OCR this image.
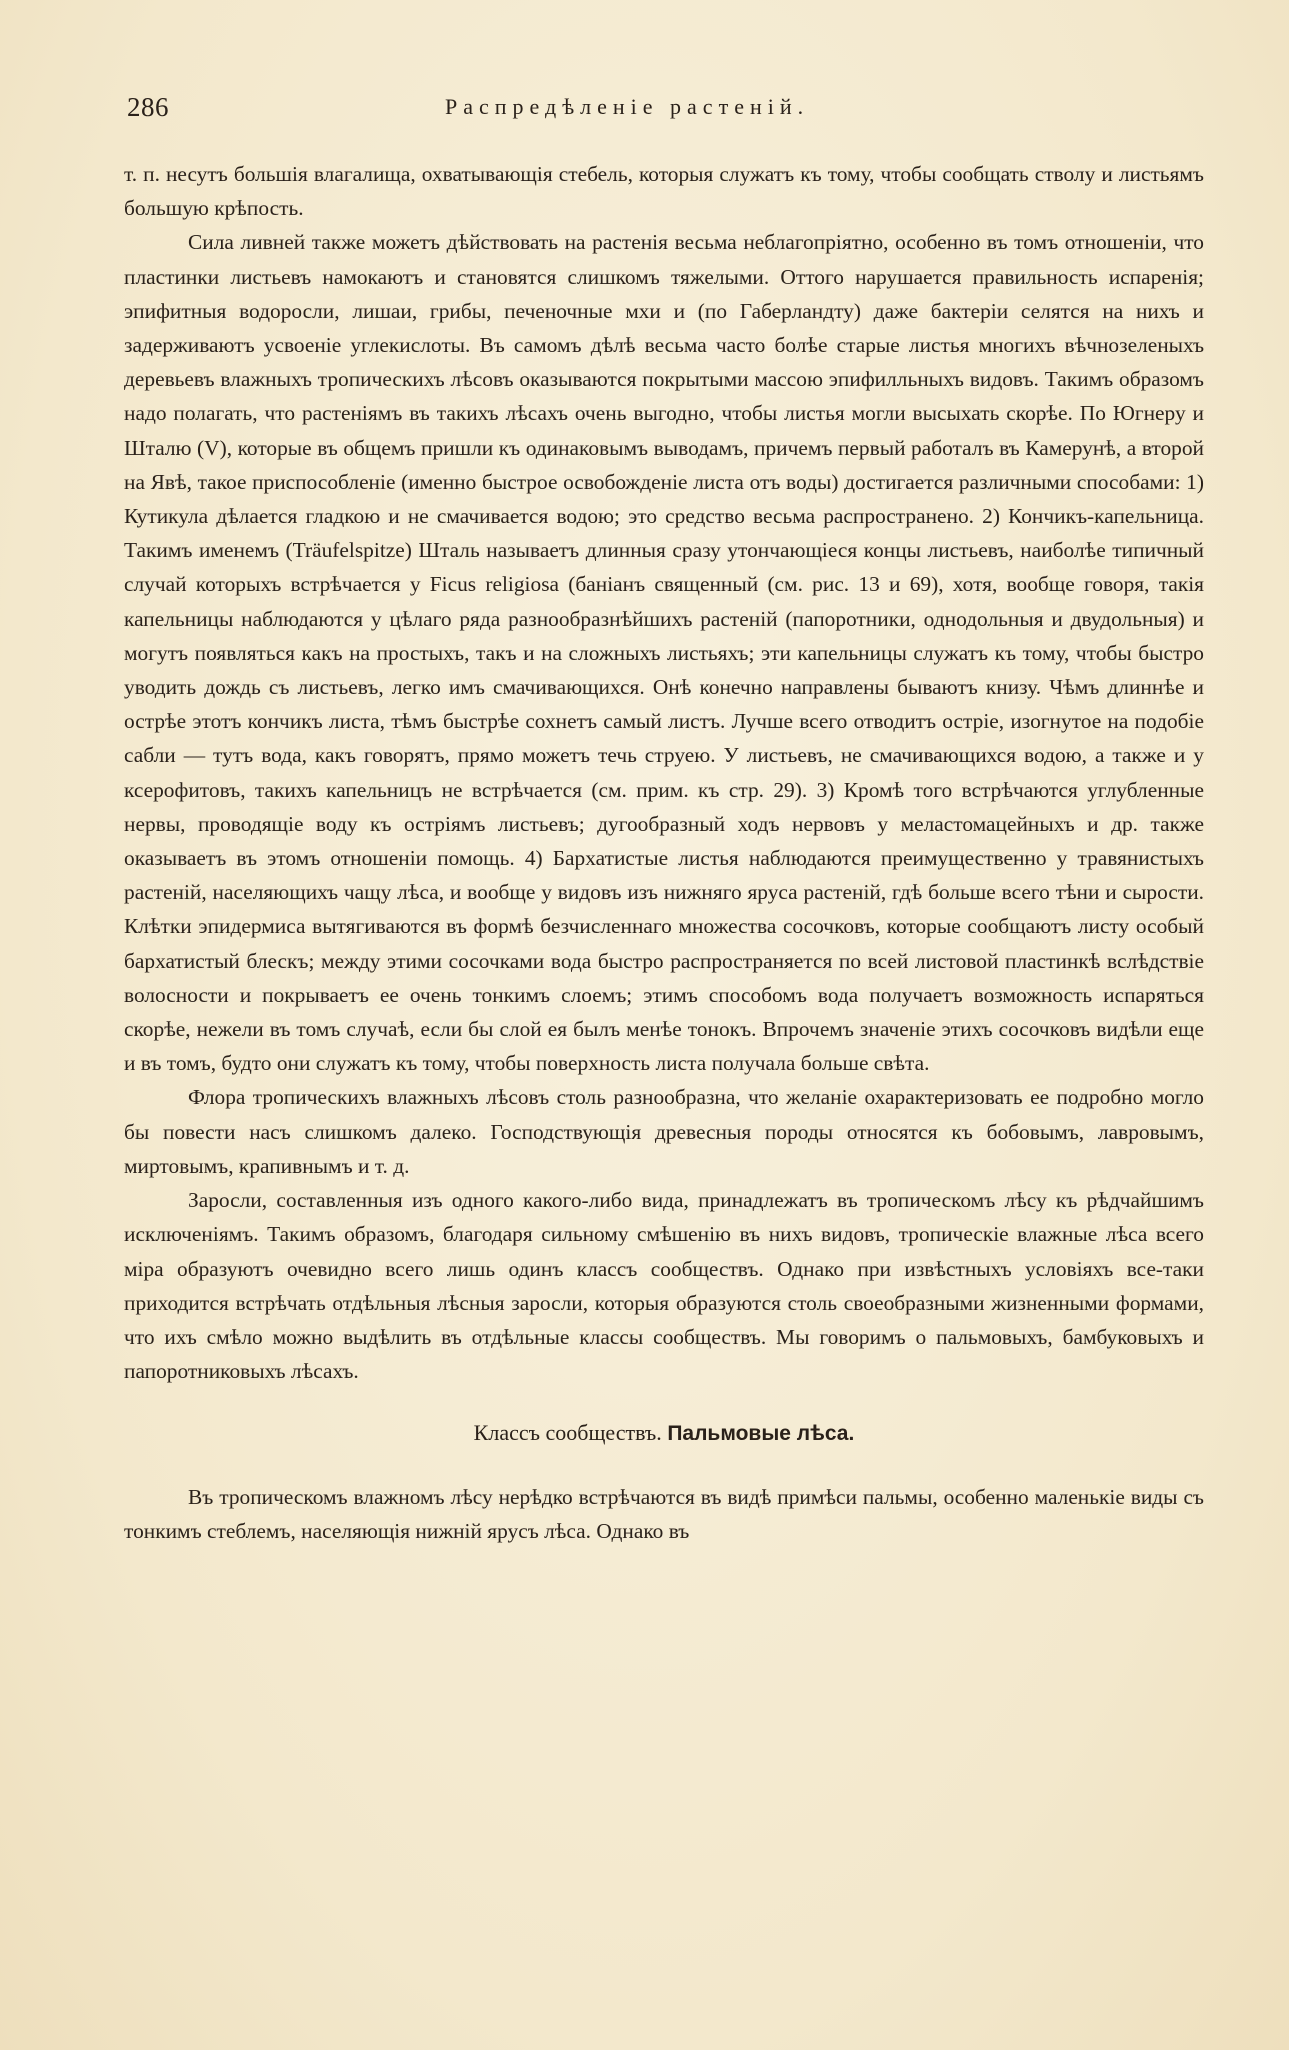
286	Распредѣленіе растеній.

т. п. несутъ большія влагалища, охватывающія стебель, которыя служатъ къ тому, чтобы сообщать стволу и листьямъ большую крѣпость.

Сила ливней также можетъ дѣйствовать на растенія весьма неблагопріятно, особенно въ томъ отношеніи, что пластинки листьевъ намокаютъ и становятся слишкомъ тяжелыми. Оттого нарушается правильность испаренія; эпифитныя водоросли, лишаи, грибы, печеночные мхи и (по Габерландту) даже бактеріи селятся на нихъ и задерживаютъ усвоеніе углекислоты. Въ самомъ дѣлѣ весьма часто болѣе старые листья многихъ вѣчнозеленыхъ деревьевъ влажныхъ тропическихъ лѣсовъ оказываются покрытыми массою эпифилльныхъ видовъ. Такимъ образомъ надо полагать, что растеніямъ въ такихъ лѣсахъ очень выгодно, чтобы листья могли высыхать скорѣе. По Югнеру и Шталю (V), которые въ общемъ пришли къ одинаковымъ выводамъ, причемъ первый работалъ въ Камерунѣ, а второй на Явѣ, такое приспособленіе (именно быстрое освобожденіе листа отъ воды) достигается различными способами: 1) Кутикула дѣлается гладкою и не смачивается водою; это средство весьма распространено. 2) Кончикъ-капельница. Такимъ именемъ (Träufelspitze) Шталь называетъ длинныя сразу утончающіеся концы листьевъ, наиболѣе типичный случай которыхъ встрѣчается у Ficus religiosa (баніанъ священный (см. рис. 13 и 69), хотя, вообще говоря, такія капельницы наблюдаются у цѣлаго ряда разнообразнѣйшихъ растеній (папоротники, однодольныя и двудольныя) и могутъ появляться какъ на простыхъ, такъ и на сложныхъ листьяхъ; эти капельницы служатъ къ тому, чтобы быстро уводить дождь съ листьевъ, легко имъ смачивающихся. Онѣ конечно направлены бываютъ книзу. Чѣмъ длиннѣе и острѣе этотъ кончикъ листа, тѣмъ быстрѣе сохнетъ самый листъ. Лучше всего отводитъ остріе, изогнутое на подобіе сабли — тутъ вода, какъ говорятъ, прямо можетъ течь струею. У листьевъ, не смачивающихся водою, а также и у ксерофитовъ, такихъ капельницъ не встрѣчается (см. прим. къ стр. 29). 3) Кромѣ того встрѣчаются углубленные нервы, проводящіе воду къ остріямъ листьевъ; дугообразный ходъ нервовъ у меластомацейныхъ и др. также оказываетъ въ этомъ отношеніи помощь. 4) Бархатистые листья наблюдаются преимущественно у травянистыхъ растеній, населяющихъ чащу лѣса, и вообще у видовъ изъ нижняго яруса растеній, гдѣ больше всего тѣни и сырости. Клѣтки эпидермиса вытягиваются въ формѣ безчисленнаго множества сосочковъ, которые сообщаютъ листу особый бархатистый блескъ; между этими сосочками вода быстро распространяется по всей листовой пластинкѣ вслѣдствіе волосности и покрываетъ ее очень тонкимъ слоемъ; этимъ способомъ вода получаетъ возможность испаряться скорѣе, нежели въ томъ случаѣ, если бы слой ея былъ менѣе тонокъ. Впрочемъ значеніе этихъ сосочковъ видѣли еще и въ томъ, будто они служатъ къ тому, чтобы поверхность листа получала больше свѣта.

Флора тропическихъ влажныхъ лѣсовъ столь разнообразна, что желаніе охарактеризовать ее подробно могло бы повести насъ слишкомъ далеко. Господствующія древесныя породы относятся къ бобовымъ, лавровымъ, миртовымъ, крапивнымъ и т. д.

Заросли, составленныя изъ одного какого-либо вида, принадлежатъ въ тропическомъ лѣсу къ рѣдчайшимъ исключеніямъ. Такимъ образомъ, благодаря сильному смѣшенію въ нихъ видовъ, тропическіе влажные лѣса всего міра образуютъ очевидно всего лишь одинъ классъ сообществъ. Однако при извѣстныхъ условіяхъ все-таки приходится встрѣчать отдѣльныя лѣсныя заросли, которыя образуются столь своеобразными жизненными формами, что ихъ смѣло можно выдѣлить въ отдѣльные классы сообществъ. Мы говоримъ о пальмовыхъ, бамбуковыхъ и папоротниковыхъ лѣсахъ.

Классъ сообществъ. Пальмовые лѣса.

Въ тропическомъ влажномъ лѣсу нерѣдко встрѣчаются въ видѣ примѣси пальмы, особенно маленькіе виды съ тонкимъ стеблемъ, населяющія нижній ярусъ лѣса. Однако въ
